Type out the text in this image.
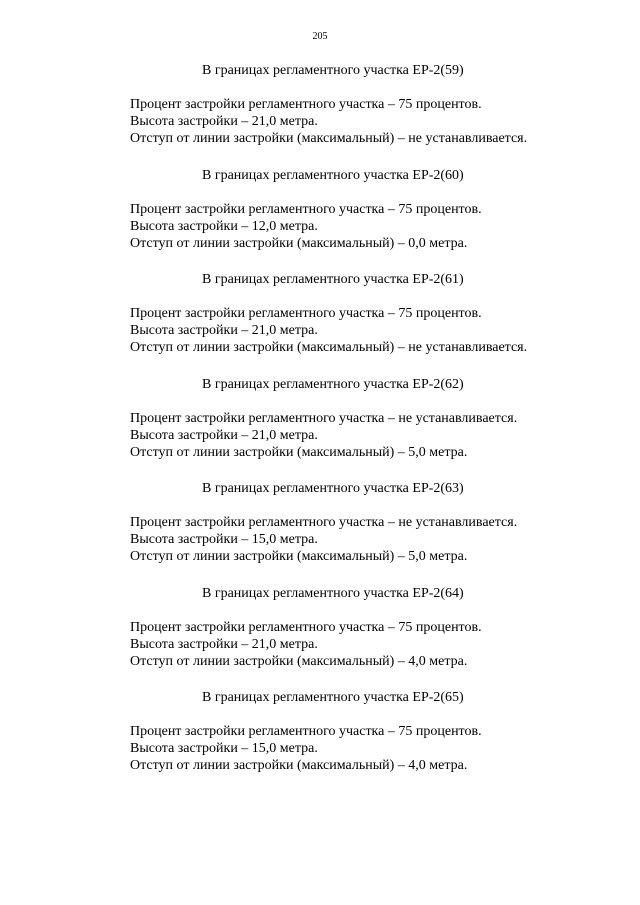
205
В границах регламентного участка ЕР-2(59)
Процент застройки регламентного участка – 75 процентов.
Высота застройки – 21,0 метра.
Отступ от линии застройки (максимальный) – не устанавливается.
В границах регламентного участка ЕР-2(60)
Процент застройки регламентного участка – 75 процентов.
Высота застройки – 12,0 метра.
Отступ от линии застройки (максимальный) – 0,0 метра.
В границах регламентного участка ЕР-2(61)
Процент застройки регламентного участка – 75 процентов.
Высота застройки – 21,0 метра.
Отступ от линии застройки (максимальный) – не устанавливается.
В границах регламентного участка ЕР-2(62)
Процент застройки регламентного участка – не устанавливается.
Высота застройки – 21,0 метра.
Отступ от линии застройки (максимальный) – 5,0 метра.
В границах регламентного участка ЕР-2(63)
Процент застройки регламентного участка – не устанавливается.
Высота застройки – 15,0 метра.
Отступ от линии застройки (максимальный) – 5,0 метра.
В границах регламентного участка ЕР-2(64)
Процент застройки регламентного участка – 75 процентов.
Высота застройки – 21,0 метра.
Отступ от линии застройки (максимальный) – 4,0 метра.
В границах регламентного участка ЕР-2(65)
Процент застройки регламентного участка – 75 процентов.
Высота застройки – 15,0 метра.
Отступ от линии застройки (максимальный) – 4,0 метра.
